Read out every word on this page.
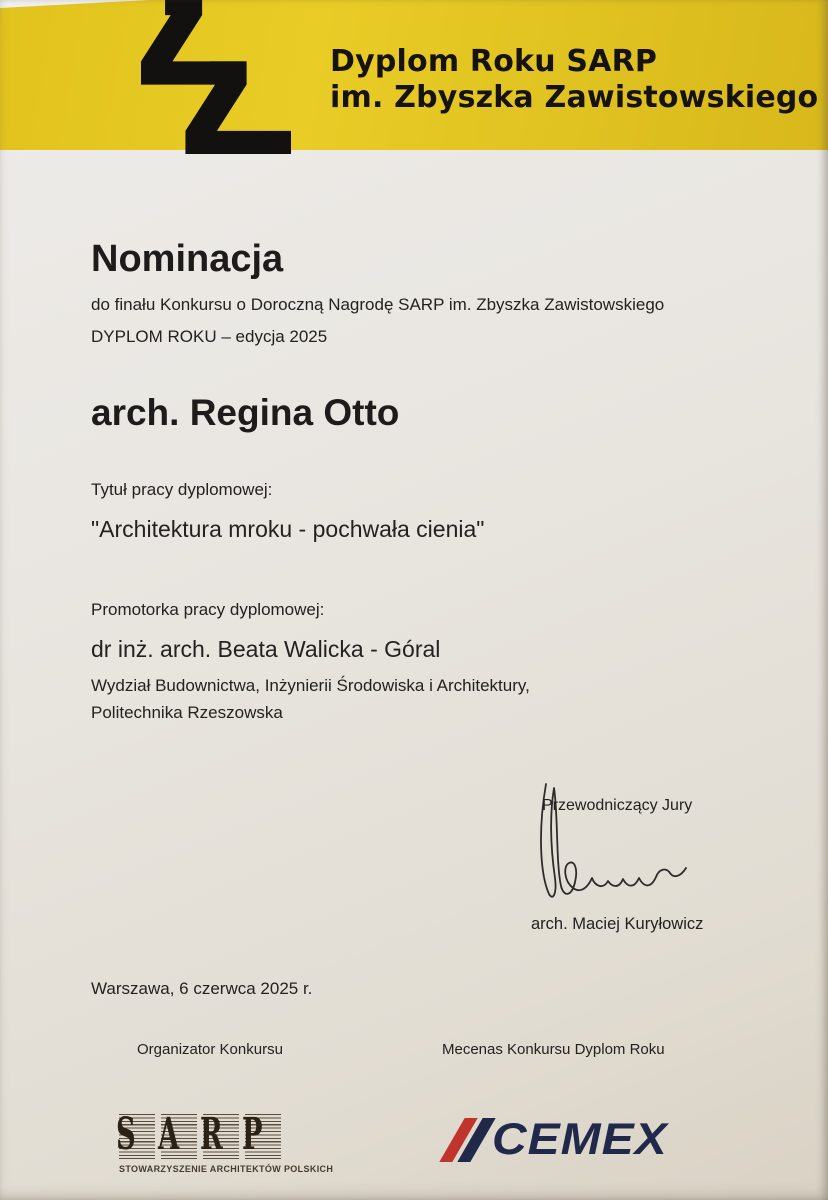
Dyplom Roku SARP
im. Zbyszka Zawistowskiego
Nominacja
do finału Konkursu o Doroczną Nagrodę SARP im. Zbyszka Zawistowskiego
DYPLOM ROKU – edycja 2025
arch. Regina Otto
Tytuł pracy dyplomowej:
"Architektura mroku - pochwała cienia"
Promotorka pracy dyplomowej:
dr inż. arch. Beata Walicka - Góral
Wydział Budownictwa, Inżynierii Środowiska i Architektury,
Politechnika Rzeszowska
Przewodniczący Jury
arch. Maciej Kuryłowicz
Warszawa, 6 czerwca 2025 r.
Organizator Konkursu	Mecenas Konkursu Dyplom Roku
S A R P
STOWARZYSZENIE ARCHITEKTÓW POLSKICH
CEMEX
